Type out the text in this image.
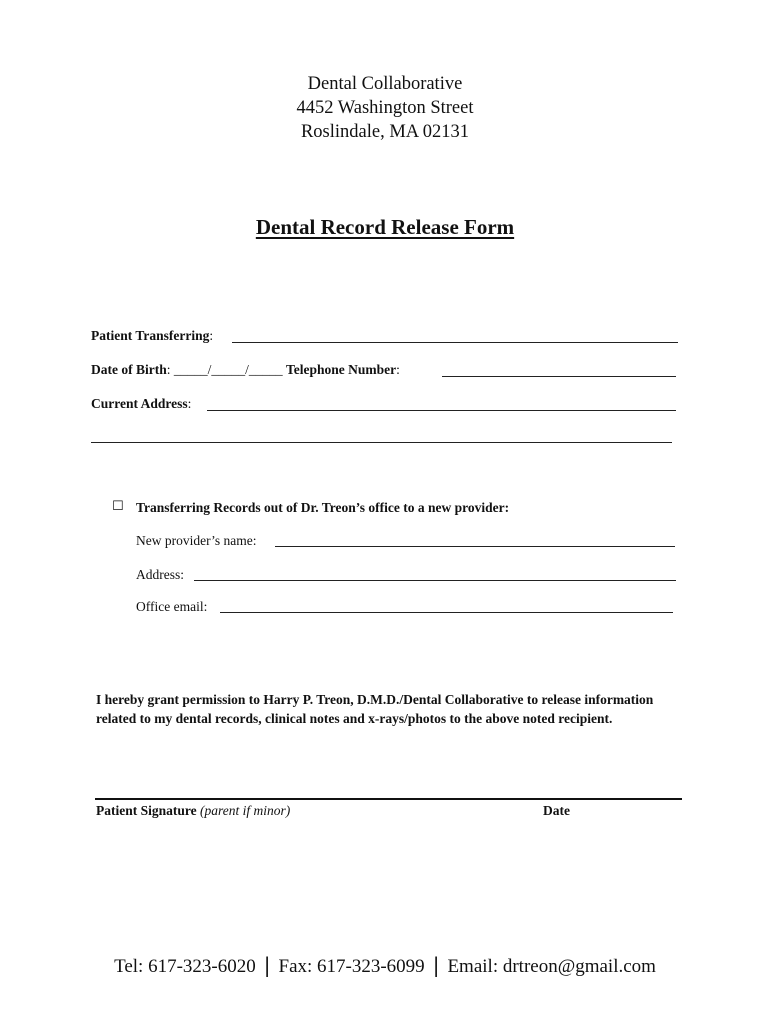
Dental Collaborative
4452 Washington Street
Roslindale, MA 02131
Dental Record Release Form
Patient Transferring:
Date of Birth: _____/_____/_____ Telephone Number:
Current Address:
☐ Transferring Records out of Dr. Treon’s office to a new provider:
New provider’s name:
Address:
Office email:
I hereby grant permission to Harry P. Treon, D.M.D./Dental Collaborative to release information related to my dental records, clinical notes and x-rays/photos to the above noted recipient.
Patient Signature (parent if minor)	Date
Tel: 617-323-6020 | Fax: 617-323-6099 | Email: drtreon@gmail.com
